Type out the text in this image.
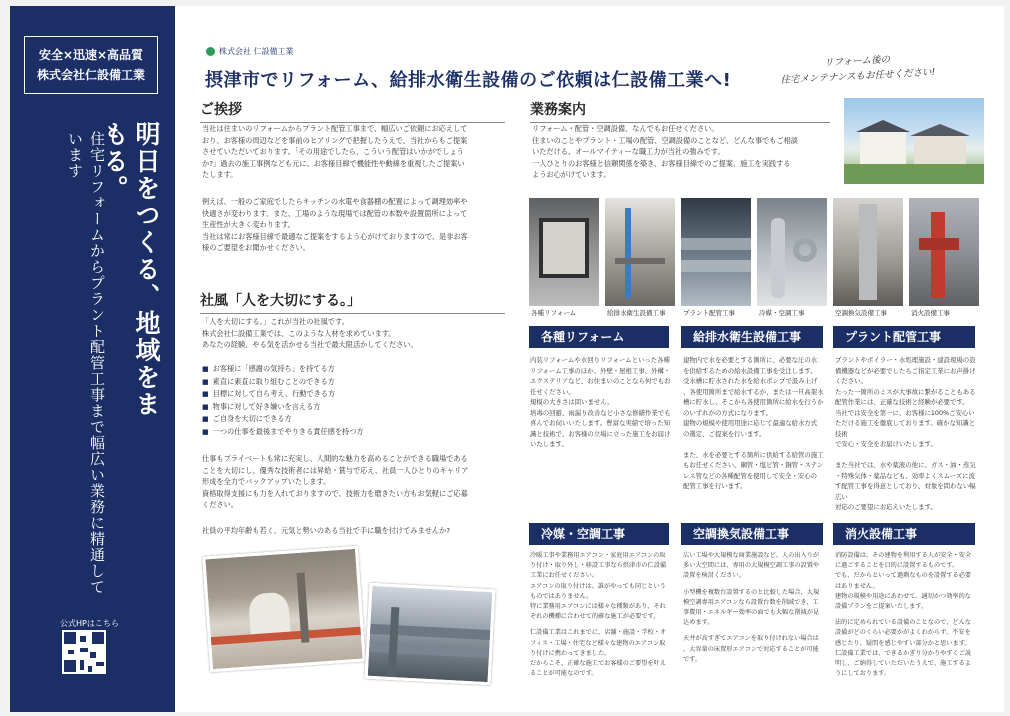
安全×迅速×高品質
株式会社仁設備工業
明日をつくる、地域をまもる。
住宅リフォームからプラント配管工事まで幅広い業務に精通しています
公式HPはこちら
株式会社 仁設備工業
摂津市でリフォーム、給排水衛生設備のご依頼は仁設備工業へ!
リフォーム後の
住宅メンテナンスもお任せください!
ご挨拶
当社は住まいのリフォームからプラント配管工事まで、幅広いご依頼にお応えして
おり、お客様の周辺などを事前のヒアリングで把握したうえで、当社からもご提案
させていただいております。「その用途でしたら、こういう配管はいかがでしょう
か?」過去の施工事例なども元に、お客様目線で機能性や動線を重視したご提案い
たします。
例えば、一般のご家庭でしたらキッチンの水電や食器棚の配置によって調理効率や
快適さが変わります。また、工場のような現場では配管の本数や設置箇所によって
生産性が大きく変わります。
当社は常にお客様目線で最適なご提案をするよう心がけておりますので、是非お客
様のご要望をお聞かせください。
社風「人を大切にする。」
「人を大切にする。」これが当社の社風です。
株式会社仁設備工業では、このような人材を求めています。
あなたの経験、やる気を活かせる当社で最大限活かしてください。
■ お客様に「感謝の気持ち」を持てる方
■ 素直に素直に取り組むことのできる方
■ 目標に対して自ら考え、行動できる方
■ 物事に対して好き嫌いを言える方
■ ご自身を大切にできる方
■ 一つの仕事を最後までやりきる責任感を持つ方
仕事もプライベートも常に充実し、人間的な魅力を高めることができる職場である
ことを大切にし、優秀な技術者には昇給・賞与で応え、社員一人ひとりのキャリア
形成を全力でバックアップいたします。
資格取得支援にも力を入れておりますので、技術力を磨きたい方もお気軽にご応募
ください。
社員の平均年齢も若く、元気と勢いのある当社で手に職を付けてみませんか?
業務案内
リフォーム・配管・空調設備、なんでもお任せください。
住まいのことやプラント・工場の配管、空調設備のことなど、どんな事でもご相談
いただける、オールマイティーな職工力が当社の強みです。
一人ひとりのお客様と信頼関係を築き、お客様目線でのご提案、施工を実践する
ようお心がけています。
各種リフォーム	給排水衛生設備工事	プラント配管工事	冷媒・空調工事	空調換気設備工事	消火設備工事
各種リフォーム	給排水衛生設備工事	プラント配管工事
内装リフォームや水回りリフォームといった各種
リフォーム工事のほか、外壁・屋根工事、外構・
エクステリアなど、お住まいのことなら何でもお
任せください。
規模の大きさは問いません。
培毒の回避、雨漏り改善など小さな修繕作業でも
喜んでお伺いいたします。豊富な実績で培った知
識と技術で、お客様の立場に立った施工をお届け
いたします。
建物内で水を必要とする箇所に、必要な圧の水
を供給するための給水設備工事を受注します。
受水槽に貯水された水を給水ポンプで汲み上げ
、各使用箇所まで給水するか、または一旦高架水
槽に貯水し、そこから各使用箇所に給水を行うか
のいずれかの方式になります。
建物の規模や使用用途に応じて最適な給水方式
の選定、ご提案を行います。
また、水を必要とする箇所に供給する給管の施工
もお任せください。鋼管・塩ビ管・銅管・ステン
レス管などの各種配管を使用して安全・安心の
配管工事を行います。
プラントやボイラー・水処理施設・建設現場の設
備機器などが必要でしたらご指定工業にお声掛け
ください。
たった一箇所のミスが大事故に繋がることもある
配管作業には、正確な技術と経験が必要です。
当社では安全を第一に、お客様に100%ご安心い
ただける施工を徹底しております。確かな知識と技術
で安心・安全をお届けいたします。
また当社では、水や薬液の他に、ガス・油・蒸気
・特殊気体・薬品なども、効率よくスムーズに流
す配管工事を得意としており、対象を問わない幅広い
対応のご要望にお応えいたします。
冷媒・空調工事	空調換気設備工事	消火設備工事
冷暖工事や業務用エアコン・家庭用エアコンの取
り付け・取り外し・移設工事なら摂津市の仁設備
工業にお任せください。
エアコンの取り付けは、誰がやっても同じという
ものではありません。
特に業務用エアコンには様々な種類があり、それ
ぞれの機種に合わせて的確な施工が必要です。
仁設備工業はこれまでに、店舗・施設・学校・オ
フィス・工場・住宅など様々な建物のエアコン取
り付けに携わってきました。
だからこそ、正確な施工でお客様のご要望を叶え
ることが可能なのです。
広い工場や大規模な商業施設など、人の出入りが
多い大空間には、専用の大規模空調工事の設置や
設置を検討ください。
小型機を複数台設置するのと比較した場合、大規
模空調専用エアコンなら設置台数を削減でき、工
事費用・エネルギー効率の面でも大幅な削減が見
込めます。
天井が高すぎてエアコンを取り付けれない場合は
、大容量の床置形エアコンで対応することが可能
です。
消防設備は、その建物を利用する人が安全・安全
に過ごすることを目的に設置するものです。
でも、だからといって過剰なものを設置する必要
はありません。
建物の規模や用途にあわせて、適切かつ効率的な
設備プランをご提案いたします。
法的に定められている設備のことなので、どんな
設備がどのくらい必要かがよくわからず、不安を
感じたり、疑問を感じやすい部分かと思います。
仁設備工業では、できるかぎり分かりやすくご説
明し、ご納得していただいたうえで、施工するよ
うにしております。
